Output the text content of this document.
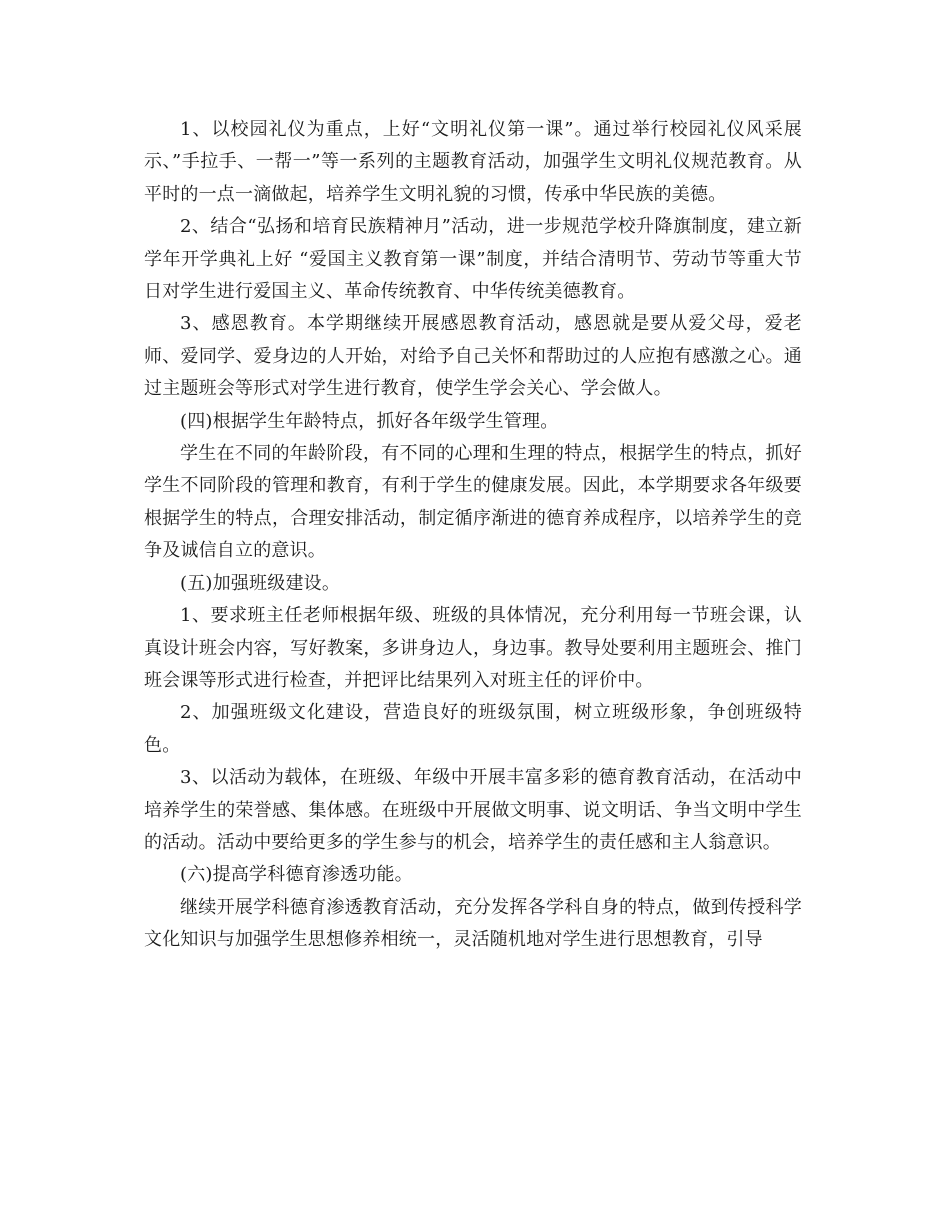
1、以校园礼仪为重点，上好“文明礼仪第一课”。通过举行校园礼仪风采展示、”手拉手、一帮一”等一系列的主题教育活动，加强学生文明礼仪规范教育。从平时的一点一滴做起，培养学生文明礼貌的习惯，传承中华民族的美德。

2、结合“弘扬和培育民族精神月”活动，进一步规范学校升降旗制度，建立新学年开学典礼上好 “爱国主义教育第一课”制度，并结合清明节、劳动节等重大节日对学生进行爱国主义、革命传统教育、中华传统美德教育。

3、感恩教育。本学期继续开展感恩教育活动，感恩就是要从爱父母，爱老师、爱同学、爱身边的人开始，对给予自己关怀和帮助过的人应抱有感激之心。通过主题班会等形式对学生进行教育，使学生学会关心、学会做人。

(四)根据学生年龄特点，抓好各年级学生管理。

学生在不同的年龄阶段，有不同的心理和生理的特点，根据学生的特点，抓好学生不同阶段的管理和教育，有利于学生的健康发展。因此，本学期要求各年级要根据学生的特点，合理安排活动，制定循序渐进的德育养成程序，以培养学生的竞争及诚信自立的意识。

(五)加强班级建设。

1、要求班主任老师根据年级、班级的具体情况，充分利用每一节班会课，认真设计班会内容，写好教案，多讲身边人，身边事。教导处要利用主题班会、推门班会课等形式进行检查，并把评比结果列入对班主任的评价中。

2、加强班级文化建设，营造良好的班级氛围，树立班级形象，争创班级特色。

3、以活动为载体，在班级、年级中开展丰富多彩的德育教育活动，在活动中培养学生的荣誉感、集体感。在班级中开展做文明事、说文明话、争当文明中学生的活动。活动中要给更多的学生参与的机会，培养学生的责任感和主人翁意识。

(六)提高学科德育渗透功能。

继续开展学科德育渗透教育活动，充分发挥各学科自身的特点，做到传授科学文化知识与加强学生思想修养相统一，灵活随机地对学生进行思想教育，引导
